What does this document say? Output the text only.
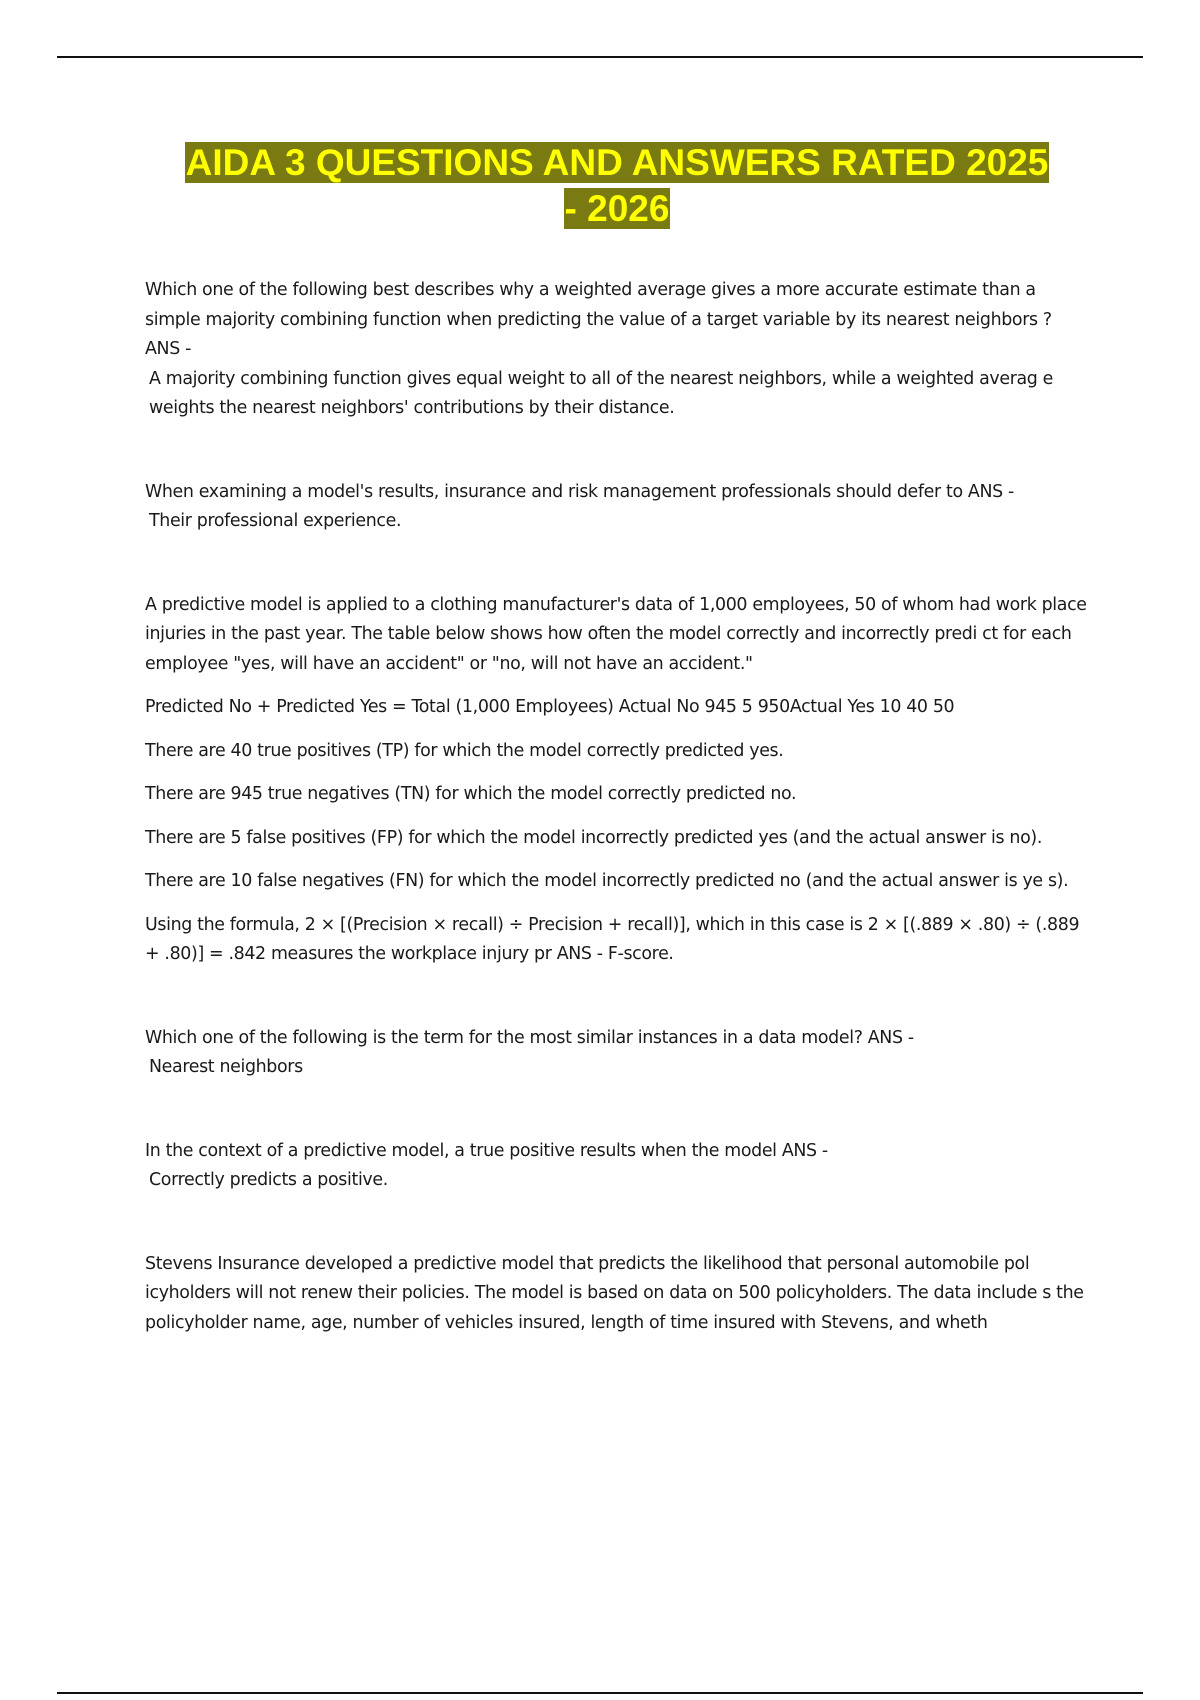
AIDA 3 QUESTIONS AND ANSWERS RATED 2025
- 2026

Which one of the following best describes why a weighted average gives a more accurate estimate than a simple majority combining function when predicting the value of a target variable by its nearest neighbors ? ANS -

A majority combining function gives equal weight to all of the nearest neighbors, while a weighted averag e weights the nearest neighbors' contributions by their distance.

When examining a model's results, insurance and risk management professionals should defer to ANS -

Their professional experience.

A predictive model is applied to a clothing manufacturer's data of 1,000 employees, 50 of whom had work place injuries in the past year. The table below shows how often the model correctly and incorrectly predi ct for each employee "yes, will have an accident" or "no, will not have an accident."

Predicted No + Predicted Yes = Total (1,000 Employees) Actual No 945 5 950Actual Yes 10 40 50

There are 40 true positives (TP) for which the model correctly predicted yes.

There are 945 true negatives (TN) for which the model correctly predicted no.

There are 5 false positives (FP) for which the model incorrectly predicted yes (and the actual answer is no).

There are 10 false negatives (FN) for which the model incorrectly predicted no (and the actual answer is ye s).

Using the formula, 2 × [(Precision × recall) ÷ Precision + recall)], which in this case is 2 × [(.889 × .80) ÷ (.889 + .80)] = .842 measures the workplace injury pr ANS - F-score.

Which one of the following is the term for the most similar instances in a data model? ANS -

Nearest neighbors

In the context of a predictive model, a true positive results when the model ANS -

Correctly predicts a positive.

Stevens Insurance developed a predictive model that predicts the likelihood that personal automobile pol icyholders will not renew their policies. The model is based on data on 500 policyholders. The data include s the policyholder name, age, number of vehicles insured, length of time insured with Stevens, and wheth
